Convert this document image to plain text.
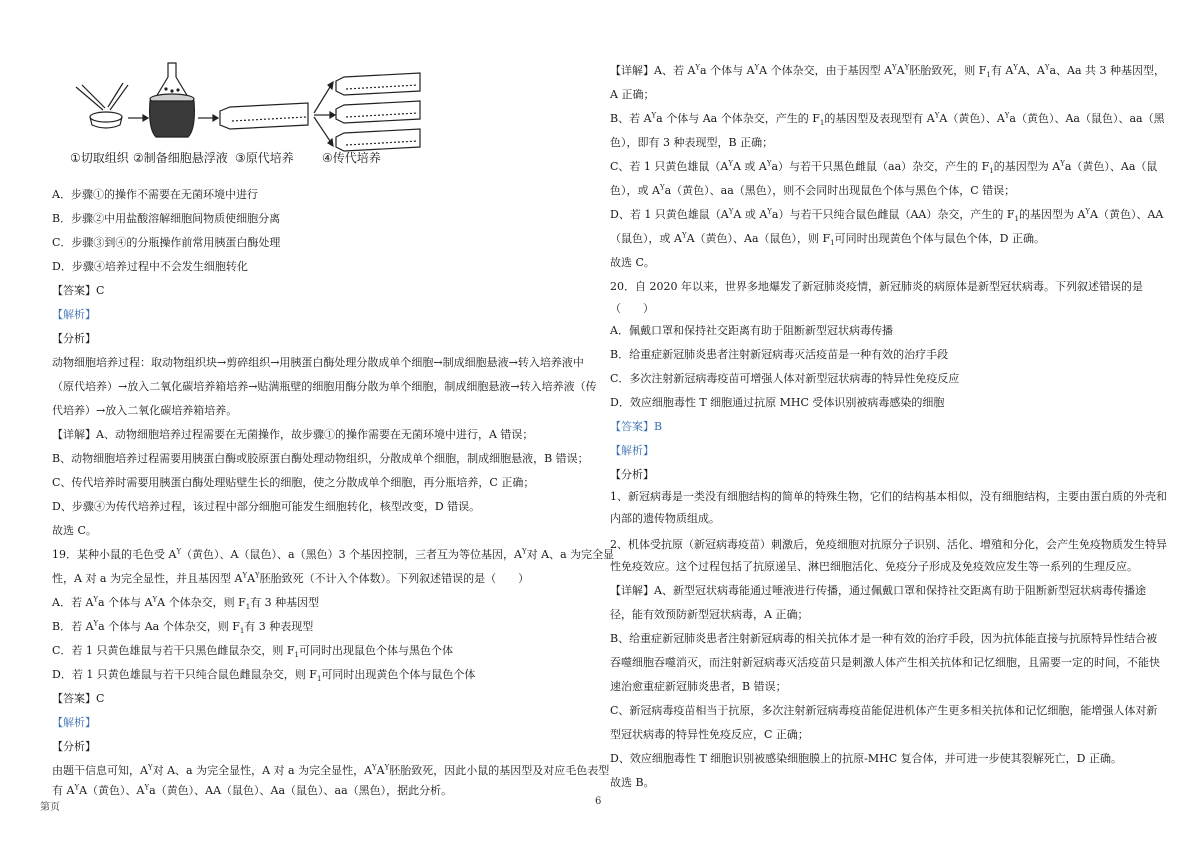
①切取组织 ②制备细胞悬浮液 ③原代培养 ④传代培养
A．步骤①的操作不需要在无菌环境中进行
B．步骤②中用盐酸溶解细胞间物质使细胞分离
C．步骤③到④的分瓶操作前常用胰蛋白酶处理
D．步骤④培养过程中不会发生细胞转化
【答案】C
【解析】
【分析】
动物细胞培养过程：取动物组织块→剪碎组织→用胰蛋白酶处理分散成单个细胞→制成细胞悬液→转入培养液中
（原代培养）→放入二氧化碳培养箱培养→贴满瓶壁的细胞用酶分散为单个细胞，制成细胞悬液→转入培养液（传
代培养）→放入二氧化碳培养箱培养。
【详解】A、动物细胞培养过程需要在无菌操作，故步骤①的操作需要在无菌环境中进行，A 错误；
B、动物细胞培养过程需要用胰蛋白酶或胶原蛋白酶处理动物组织，分散成单个细胞，制成细胞悬液，B 错误；
C、传代培养时需要用胰蛋白酶处理贴壁生长的细胞，使之分散成单个细胞，再分瓶培养，C 正确；
D、步骤④为传代培养过程，该过程中部分细胞可能发生细胞转化，核型改变，D 错误。
故选 C。
19．某种小鼠的毛色受 $A^Y$（黄色）、A（鼠色）、a（黑色）3 个基因控制，三者互为等位基因，$A^Y$对 A、a 为完全显
性，A 对 a 为完全显性，并且基因型 $A^YA^Y$胚胎致死（不计入个体数）。下列叙述错误的是（　　）
A．若 $A^Ya$ 个体与 $A^YA$ 个体杂交，则 $F_1$有 3 种基因型
B．若 $A^Ya$ 个体与 Aa 个体杂交，则 $F_1$有 3 种表现型
C．若 1 只黄色雄鼠与若干只黑色雌鼠杂交，则 $F_1$可同时出现鼠色个体与黑色个体
D．若 1 只黄色雄鼠与若干只纯合鼠色雌鼠杂交，则 $F_1$可同时出现黄色个体与鼠色个体
【答案】C
【解析】
【分析】
由题干信息可知，$A^Y$对 A、a 为完全显性，A 对 a 为完全显性，$A^YA^Y$胚胎致死，因此小鼠的基因型及对应毛色表型
有 $A^YA$（黄色）、$A^Ya$（黄色）、AA（鼠色）、Aa（鼠色）、aa（黑色），据此分析。
第页
6
【详解】A、若 $A^Ya$ 个体与 $A^YA$ 个体杂交，由于基因型 $A^YA^Y$胚胎致死，则 $F_1$有 $A^YA$、$A^Ya$、Aa 共 3 种基因型，
A 正确；
B、若 $A^Ya$ 个体与 Aa 个体杂交，产生的 $F_1$的基因型及表现型有 $A^YA$（黄色）、$A^Ya$（黄色）、Aa（鼠色）、aa（黑
色），即有 3 种表现型，B 正确；
C、若 1 只黄色雄鼠（$A^YA$ 或 $A^Ya$）与若干只黑色雌鼠（aa）杂交，产生的 $F_1$的基因型为 $A^Ya$（黄色）、Aa（鼠
色），或 $A^Ya$（黄色）、aa（黑色），则不会同时出现鼠色个体与黑色个体，C 错误；
D、若 1 只黄色雄鼠（$A^YA$ 或 $A^Ya$）与若干只纯合鼠色雌鼠（AA）杂交，产生的 $F_1$的基因型为 $A^YA$（黄色）、AA
（鼠色），或 $A^YA$（黄色）、Aa（鼠色），则 $F_1$可同时出现黄色个体与鼠色个体，D 正确。
故选 C。
20．自 2020 年以来，世界多地爆发了新冠肺炎疫情，新冠肺炎的病原体是新型冠状病毒。下列叙述错误的是
（　　）
A．佩戴口罩和保持社交距离有助于阻断新型冠状病毒传播
B．给重症新冠肺炎患者注射新冠病毒灭活疫苗是一种有效的治疗手段
C．多次注射新冠病毒疫苗可增强人体对新型冠状病毒的特异性免疫反应
D．效应细胞毒性 T 细胞通过抗原 MHC 受体识别被病毒感染的细胞
【答案】B
【解析】
【分析】
1、新冠病毒是一类没有细胞结构的简单的特殊生物，它们的结构基本相似，没有细胞结构，主要由蛋白质的外壳和
内部的遗传物质组成。
2、机体受抗原（新冠病毒疫苗）刺激后，免疫细胞对抗原分子识别、活化、增殖和分化，会产生免疫物质发生特异
性免疫效应。这个过程包括了抗原递呈、淋巴细胞活化、免疫分子形成及免疫效应发生等一系列的生理反应。
【详解】A、新型冠状病毒能通过唾液进行传播，通过佩戴口罩和保持社交距离有助于阻断新型冠状病毒传播途
径，能有效预防新型冠状病毒，A 正确；
B、给重症新冠肺炎患者注射新冠病毒的相关抗体才是一种有效的治疗手段，因为抗体能直接与抗原特异性结合被
吞噬细胞吞噬消灭，而注射新冠病毒灭活疫苗只是刺激人体产生相关抗体和记忆细胞，且需要一定的时间，不能快
速治愈重症新冠肺炎患者，B 错误；
C、新冠病毒疫苗相当于抗原，多次注射新冠病毒疫苗能促进机体产生更多相关抗体和记忆细胞，能增强人体对新
型冠状病毒的特异性免疫反应，C 正确；
D、效应细胞毒性 T 细胞识别被感染细胞膜上的抗原-MHC 复合体，并可进一步使其裂解死亡，D 正确。
故选 B。
